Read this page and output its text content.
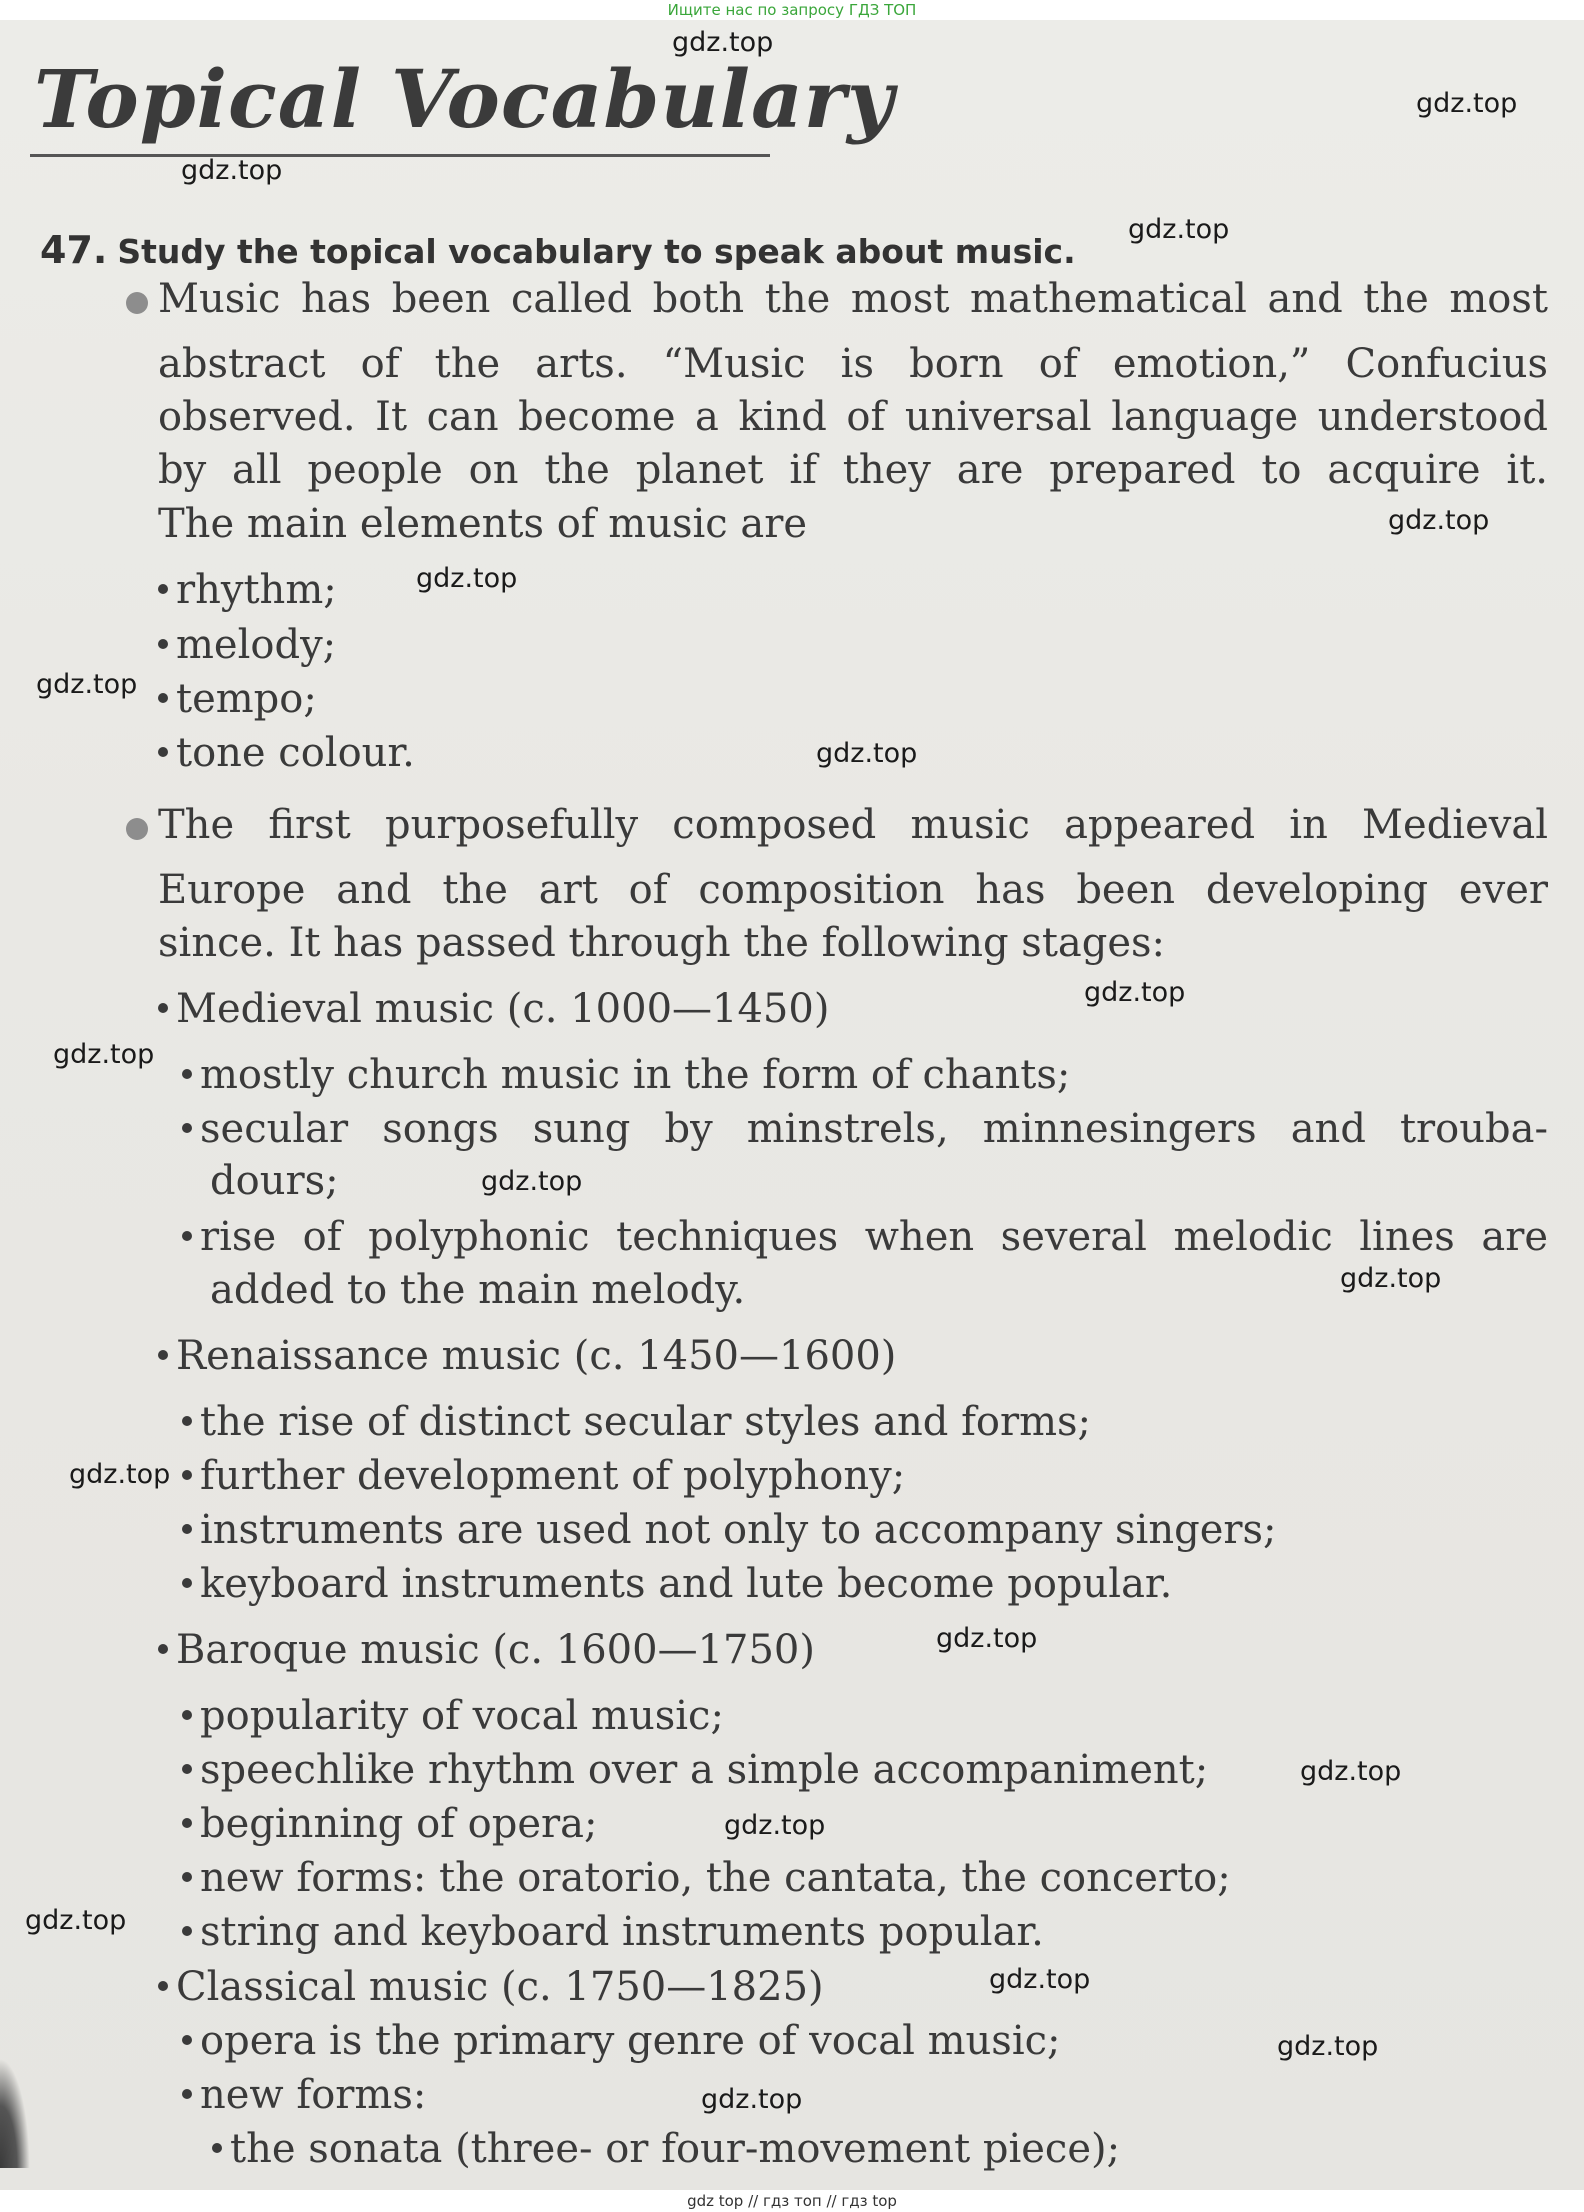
Ищите нас по запросу ГДЗ ТОП
Topical Vocabulary
47. Study the topical vocabulary to speak about music.
Music has been called both the most mathematical and the most
abstract of the arts. “Music is born of emotion,” Confucius
observed. It can become a kind of universal language understood
by all people on the planet if they are prepared to acquire it.
The main elements of music are
rhythm;
melody;
tempo;
tone colour.
The first purposefully composed music appeared in Medieval
Europe and the art of composition has been developing ever
since. It has passed through the following stages:
Medieval music (c. 1000—1450)
mostly church music in the form of chants;
secular songs sung by minstrels, minnesingers and trouba-
dours;
rise of polyphonic techniques when several melodic lines are
added to the main melody.
Renaissance music (c. 1450—1600)
the rise of distinct secular styles and forms;
further development of polyphony;
instruments are used not only to accompany singers;
keyboard instruments and lute become popular.
Baroque music (c. 1600—1750)
popularity of vocal music;
speechlike rhythm over a simple accompaniment;
beginning of opera;
new forms: the oratorio, the cantata, the concerto;
string and keyboard instruments popular.
Classical music (c. 1750—1825)
opera is the primary genre of vocal music;
new forms:
the sonata (three- or four-movement piece);
gdz.top
gdz.top
gdz.top
gdz.top
gdz.top
gdz.top
gdz.top
gdz.top
gdz.top
gdz.top
gdz.top
gdz.top
gdz.top
gdz.top
gdz.top
gdz.top
gdz.top
gdz.top
gdz.top
gdz.top
gdz top // гдз топ // гдз top
